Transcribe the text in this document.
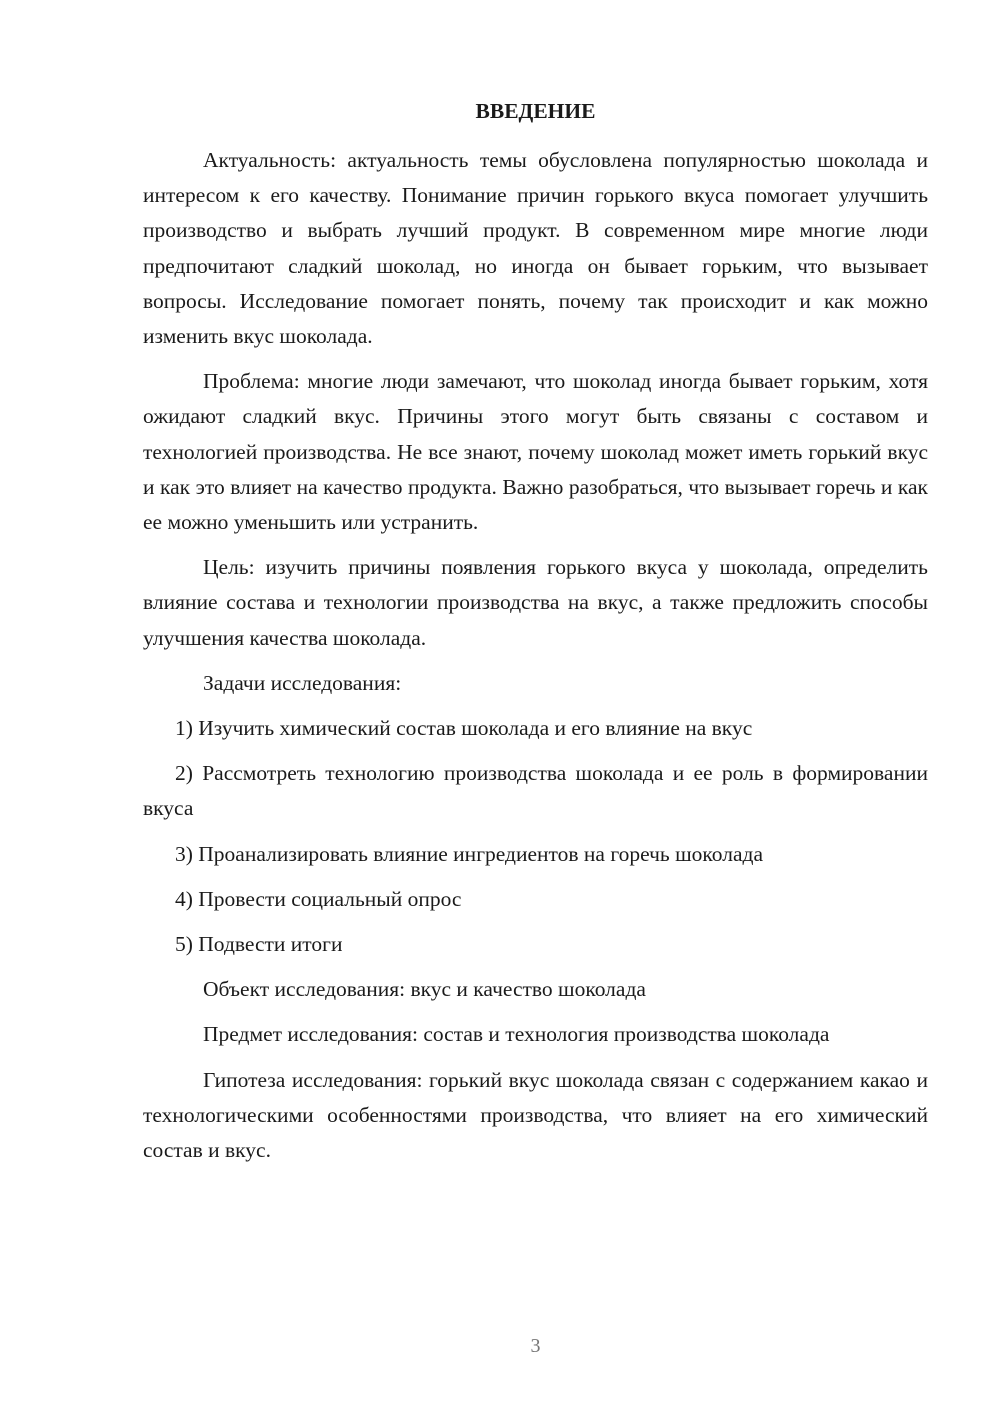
ВВЕДЕНИЕ

Актуальность: актуальность темы обусловлена популярностью шоколада и интересом к его качеству. Понимание причин горького вкуса помогает улучшить производство и выбрать лучший продукт. В современном мире многие люди предпочитают сладкий шоколад, но иногда он бывает горьким, что вызывает вопросы. Исследование помогает понять, почему так происходит и как можно изменить вкус шоколада.

Проблема: многие люди замечают, что шоколад иногда бывает горьким, хотя ожидают сладкий вкус. Причины этого могут быть связаны с составом и технологией производства. Не все знают, почему шоколад может иметь горький вкус и как это влияет на качество продукта. Важно разобраться, что вызывает горечь и как ее можно уменьшить или устранить.

Цель: изучить причины появления горького вкуса у шоколада, определить влияние состава и технологии производства на вкус, а также предложить способы улучшения качества шоколада.

Задачи исследования:

1) Изучить химический состав шоколада и его влияние на вкус

2) Рассмотреть технологию производства шоколада и ее роль в формировании вкуса

3) Проанализировать влияние ингредиентов на горечь шоколада

4) Провести социальный опрос

5) Подвести итоги

Объект исследования: вкус и качество шоколада

Предмет исследования: состав и технология производства шоколада

Гипотеза исследования: горький вкус шоколада связан с содержанием какао и технологическими особенностями производства, что влияет на его химический состав и вкус.

3
